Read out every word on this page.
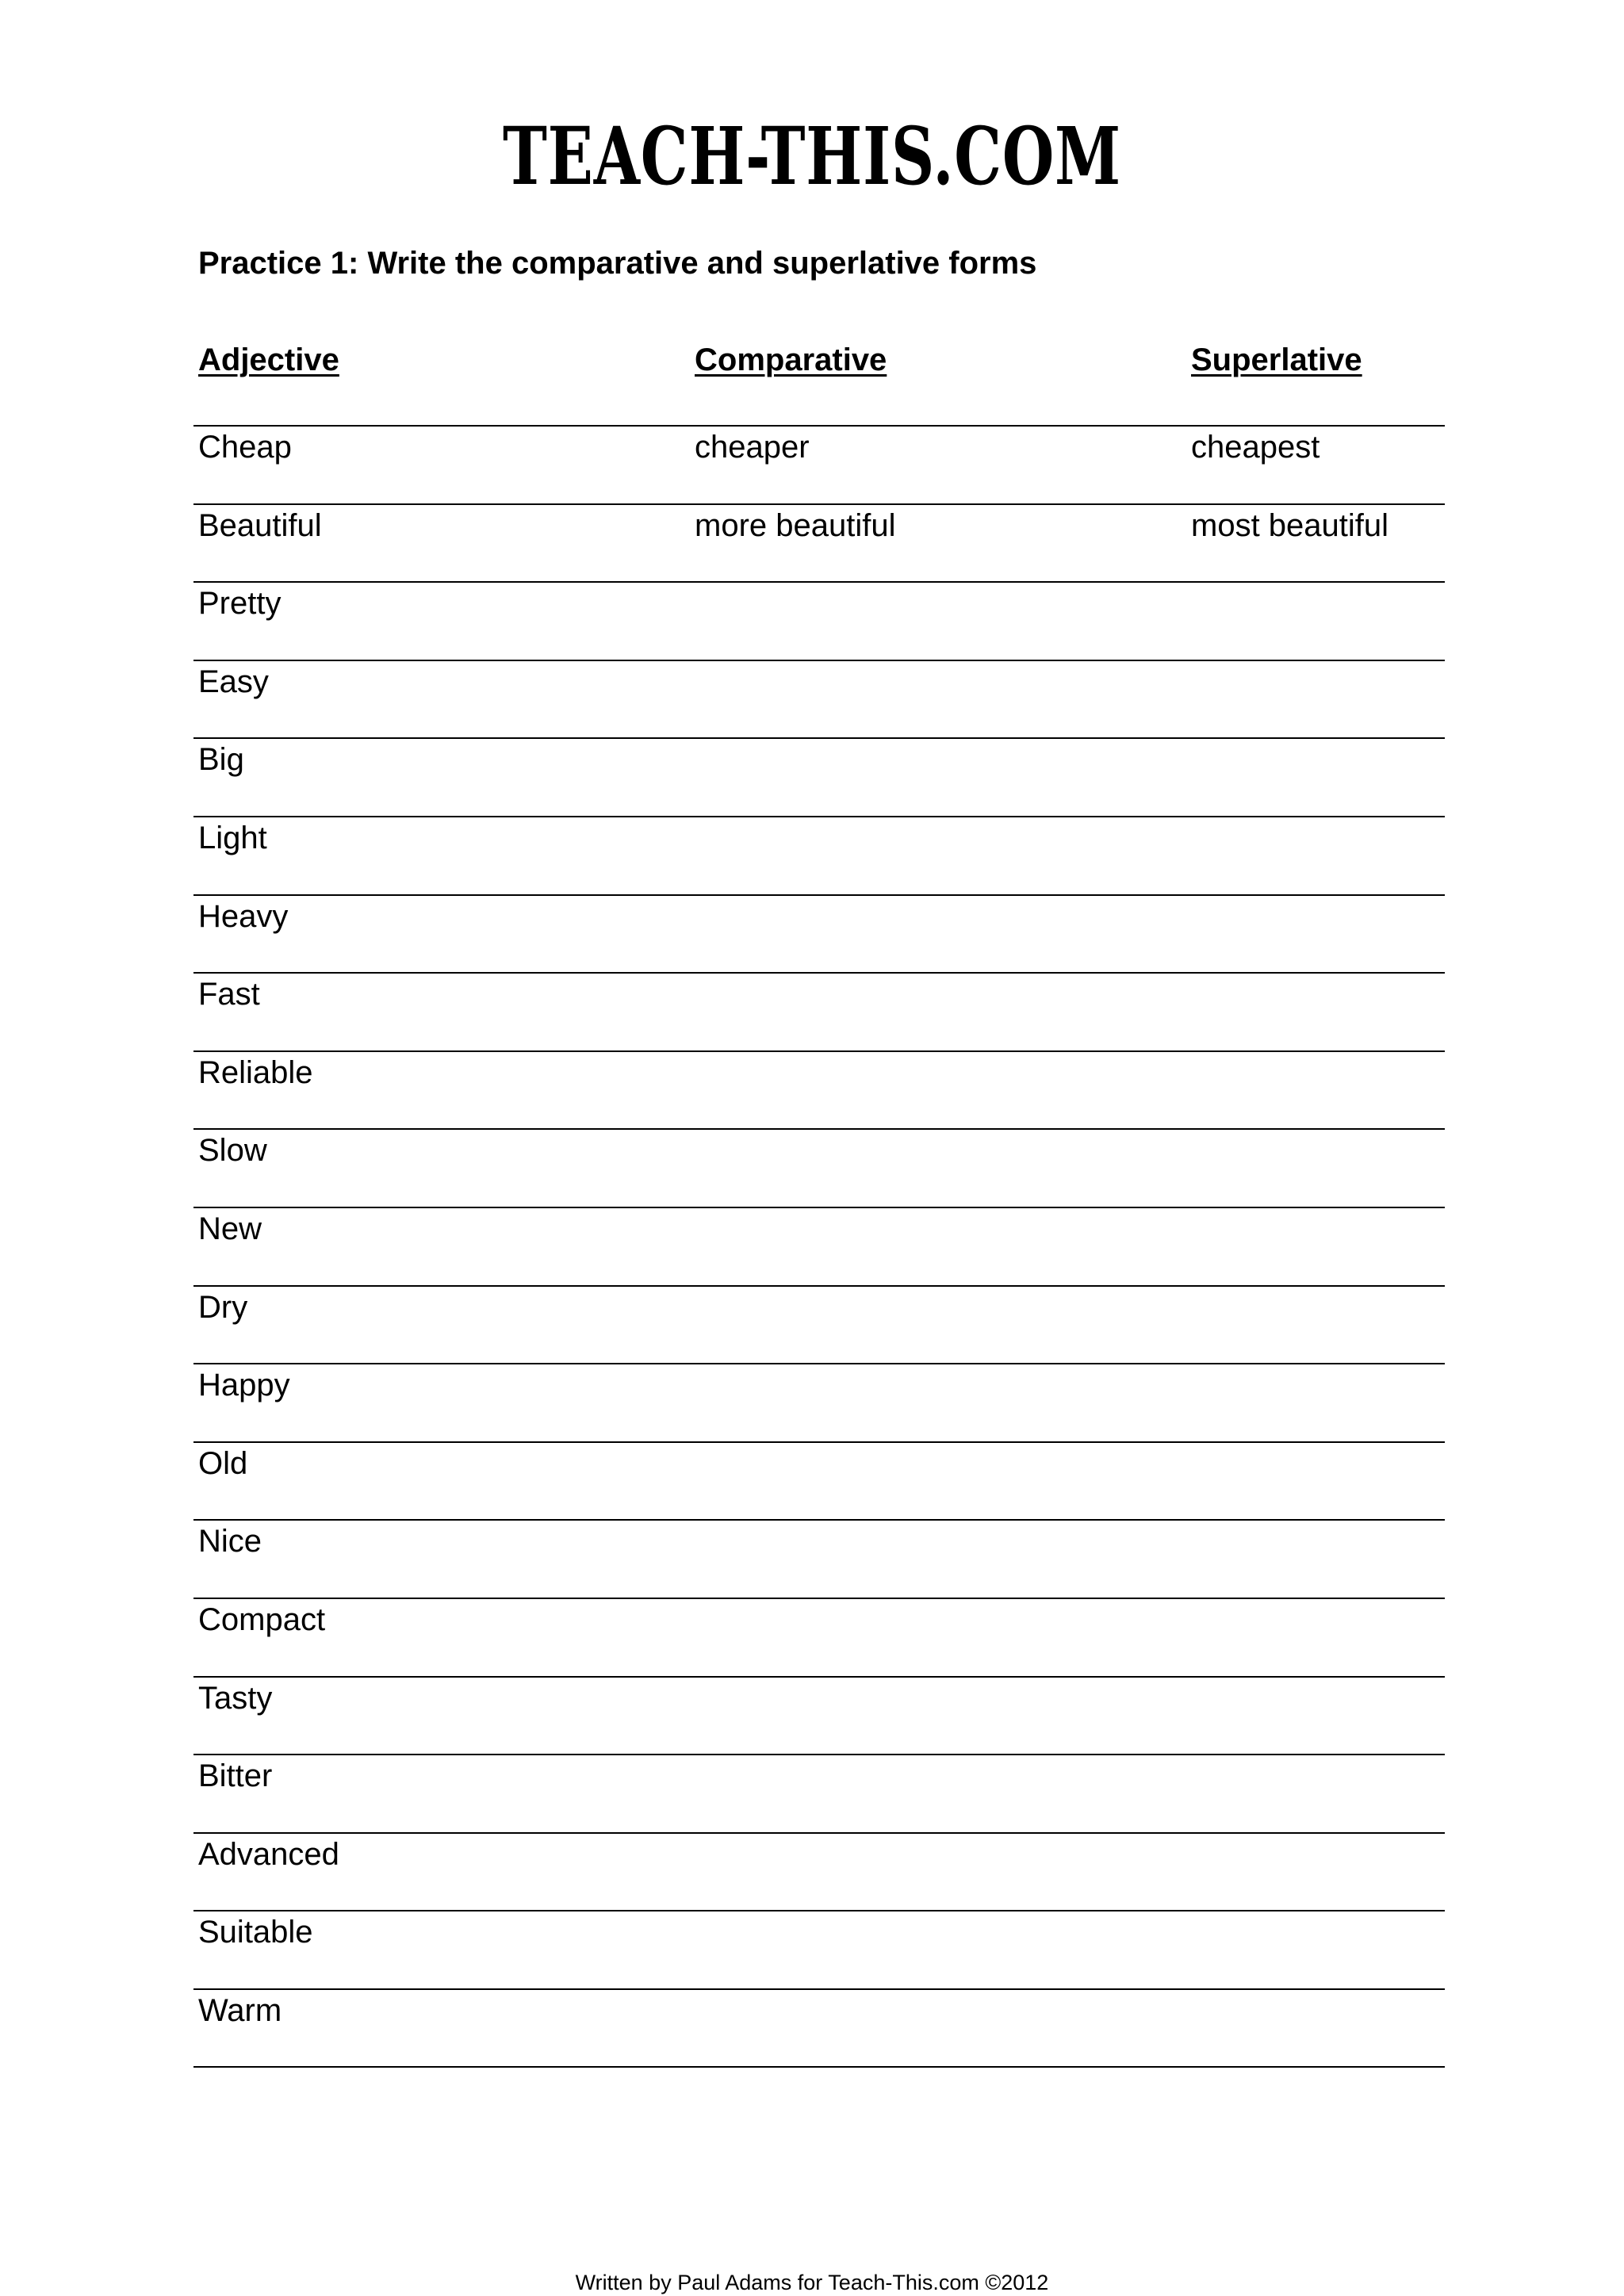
TEACH-THIS.COM
Practice 1: Write the comparative and superlative forms
Adjective	Comparative	Superlative
Cheap	cheaper	cheapest
Beautiful	more beautiful	most beautiful
Pretty
Easy
Big
Light
Heavy
Fast
Reliable
Slow
New
Dry
Happy
Old
Nice
Compact
Tasty
Bitter
Advanced
Suitable
Warm
Written by Paul Adams for Teach-This.com ©2012
